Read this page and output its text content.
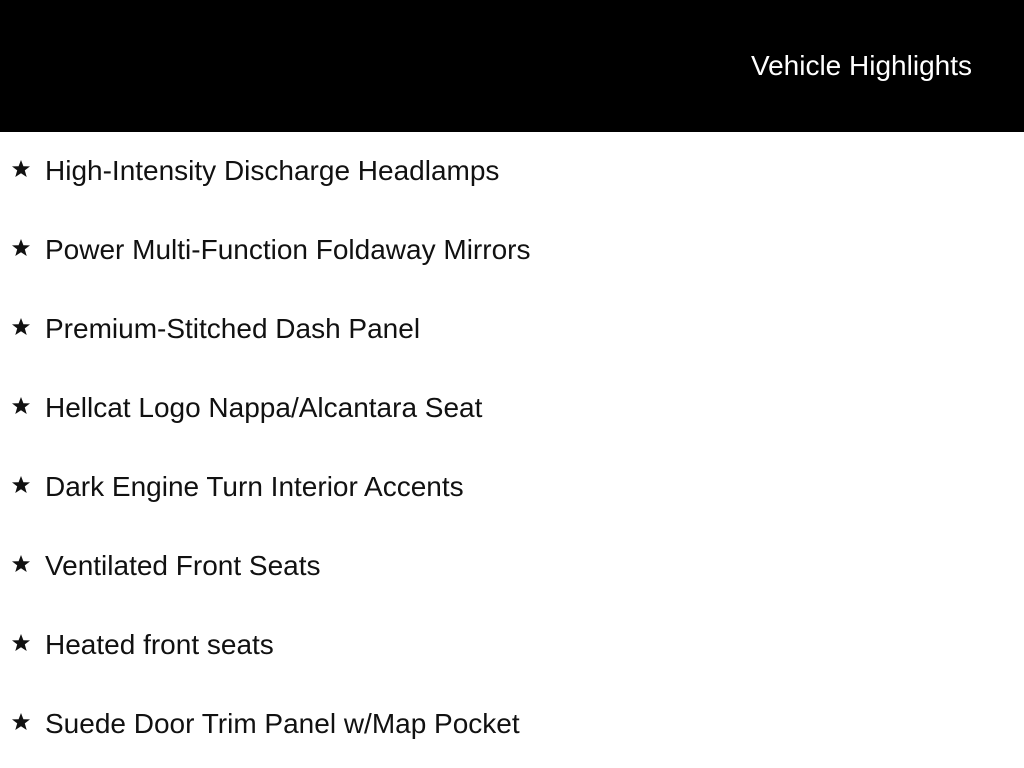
Vehicle Highlights
High-Intensity Discharge Headlamps
Power Multi-Function Foldaway Mirrors
Premium-Stitched Dash Panel
Hellcat Logo Nappa/Alcantara Seat
Dark Engine Turn Interior Accents
Ventilated Front Seats
Heated front seats
Suede Door Trim Panel w/Map Pocket
